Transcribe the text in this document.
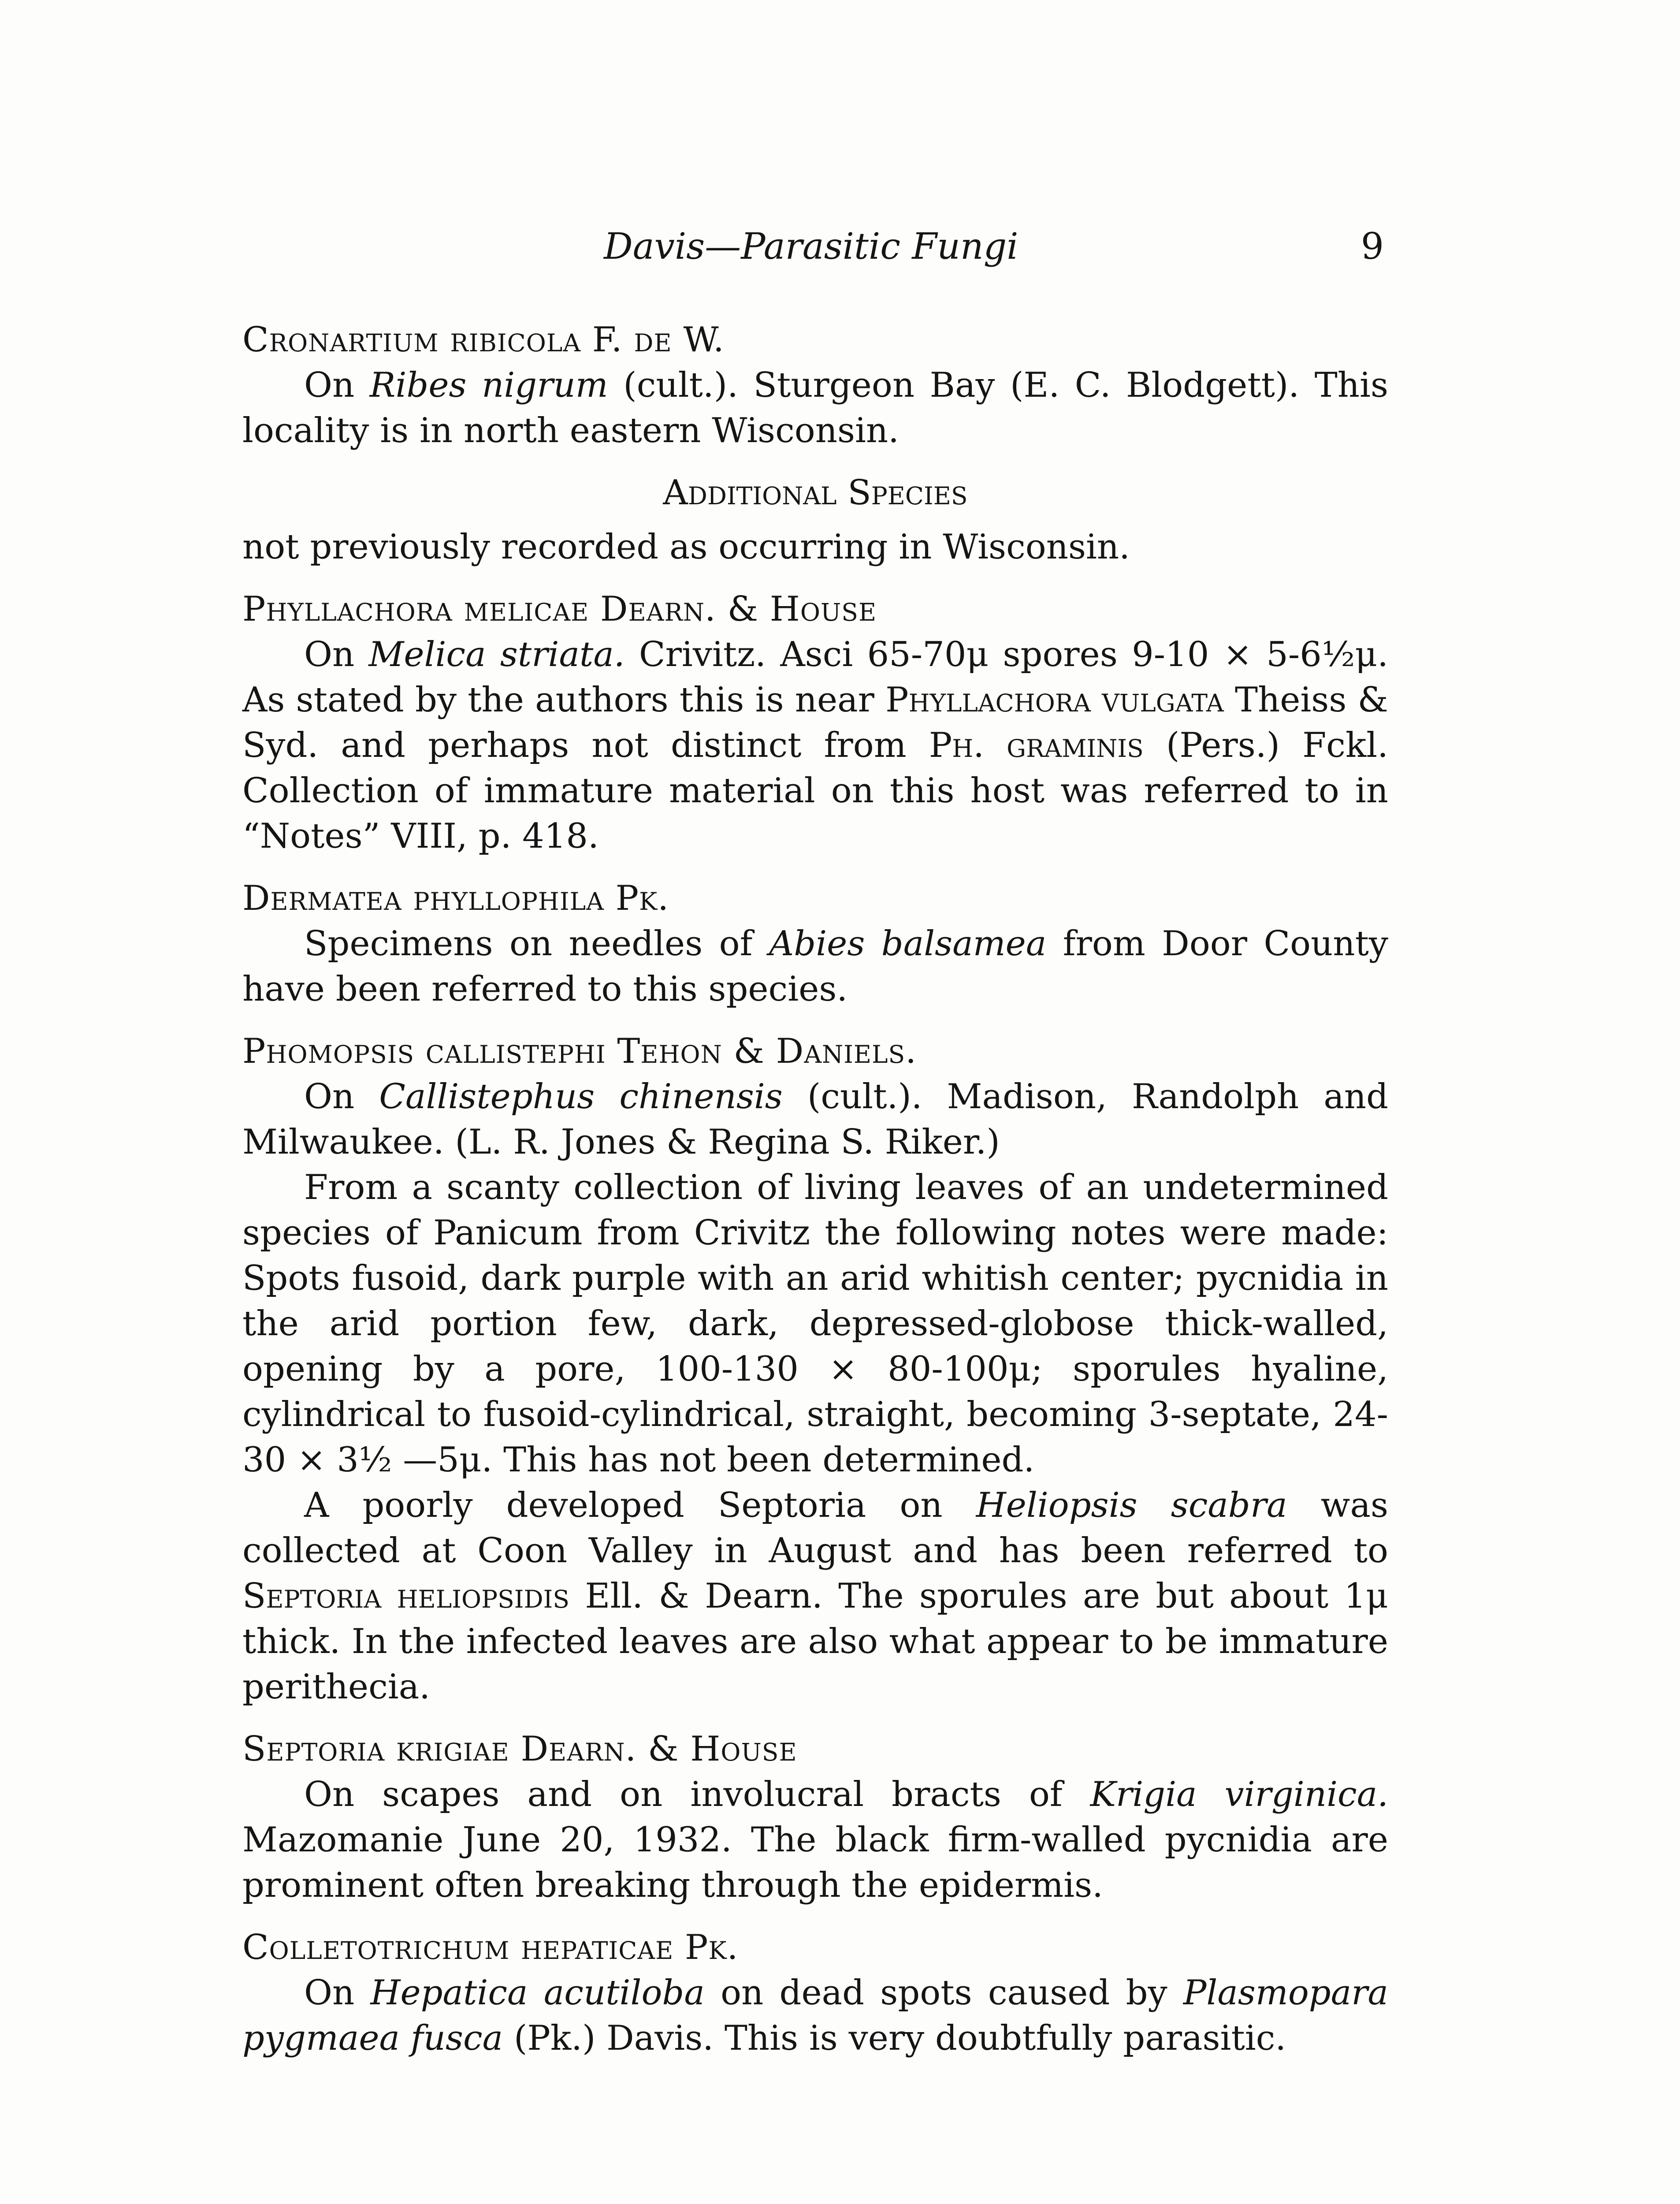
Davis—Parasitic Fungi	9

Cronartium ribicola F. de W.

On Ribes nigrum (cult.). Sturgeon Bay (E. C. Blodgett). This locality is in north eastern Wisconsin.

Additional Species

not previously recorded as occurring in Wisconsin.

Phyllachora melicae Dearn. & House

On Melica striata. Crivitz. Asci 65-70μ spores 9-10 × 5-6½μ. As stated by the authors this is near Phyllachora vulgata Theiss & Syd. and perhaps not distinct from Ph. graminis (Pers.) Fckl. Collection of immature material on this host was referred to in “Notes” VIII, p. 418.

Dermatea phyllophila Pk.

Specimens on needles of Abies balsamea from Door County have been referred to this species.

Phomopsis callistephi Tehon & Daniels.

On Callistephus chinensis (cult.). Madison, Randolph and Milwaukee. (L. R. Jones & Regina S. Riker.)

From a scanty collection of living leaves of an undetermined species of Panicum from Crivitz the following notes were made: Spots fusoid, dark purple with an arid whitish center; pycnidia in the arid portion few, dark, depressed-globose thick-walled, opening by a pore, 100-130 × 80-100μ; sporules hyaline, cylindrical to fusoid-cylindrical, straight, becoming 3-septate, 24-30 × 3½ —5μ. This has not been determined.

A poorly developed Septoria on Heliopsis scabra was collected at Coon Valley in August and has been referred to Septoria heliopsidis Ell. & Dearn. The sporules are but about 1μ thick. In the infected leaves are also what appear to be immature perithecia.

Septoria krigiae Dearn. & House

On scapes and on involucral bracts of Krigia virginica. Mazomanie June 20, 1932. The black firm-walled pycnidia are prominent often breaking through the epidermis.

Colletotrichum hepaticae Pk.

On Hepatica acutiloba on dead spots caused by Plasmopara pygmaea fusca (Pk.) Davis. This is very doubtfully parasitic.
